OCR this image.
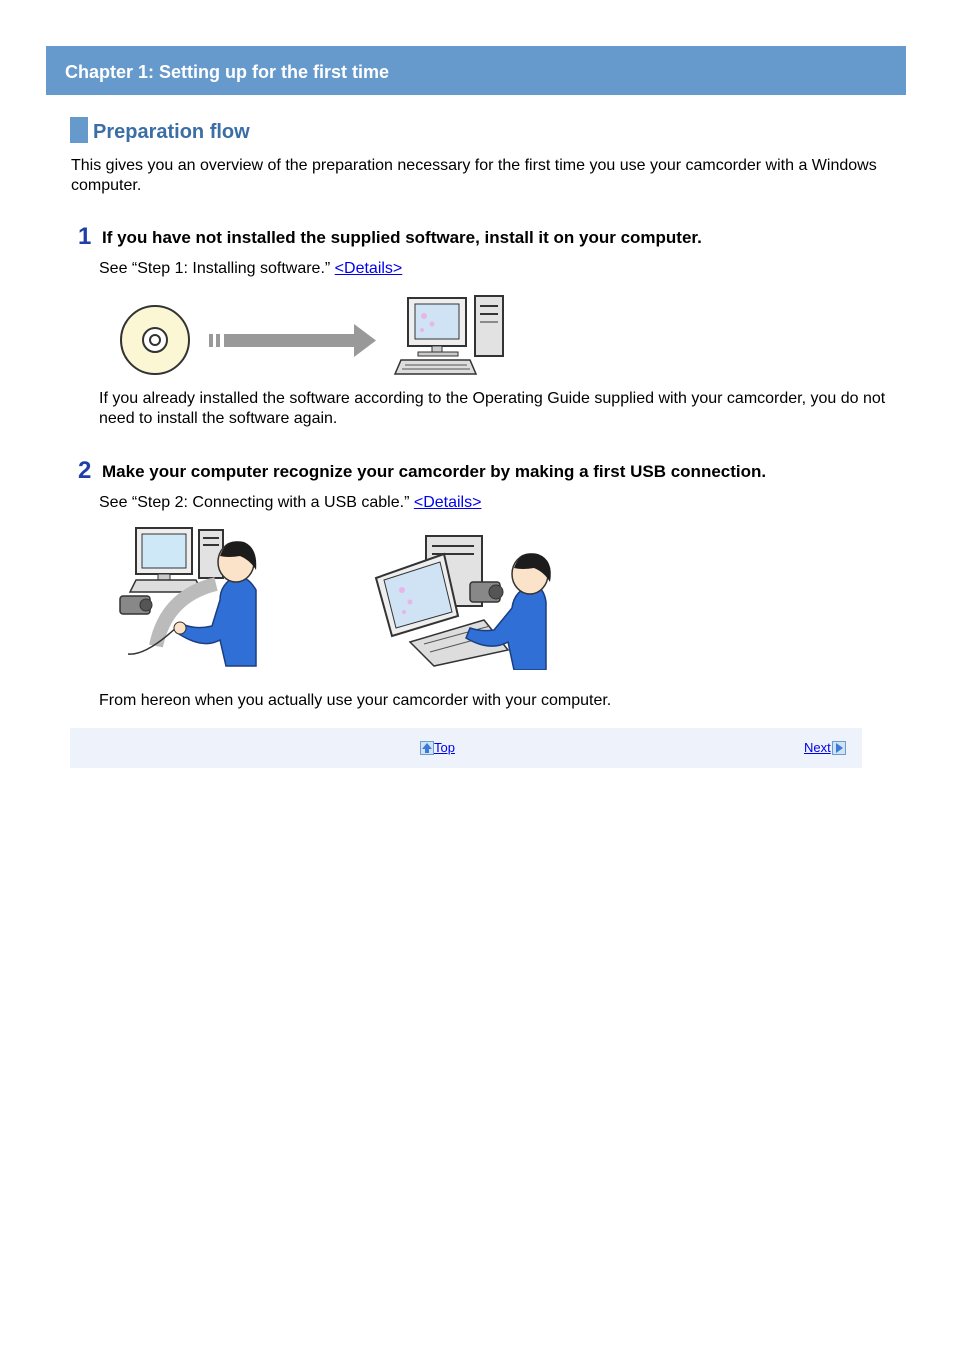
Chapter 1: Setting up for the first time
Preparation flow
This gives you an overview of the preparation necessary for the first time you use your camcorder with a Windows computer.
1 If you have not installed the supplied software, install it on your computer.
See “Step 1: Installing software.” <Details>
If you already installed the software according to the Operating Guide supplied with your camcorder, you do not need to install the software again.
2 Make your computer recognize your camcorder by making a first USB connection.
See “Step 2: Connecting with a USB cable.” <Details>
From hereon when you actually use your camcorder with your computer.
Top	Next
